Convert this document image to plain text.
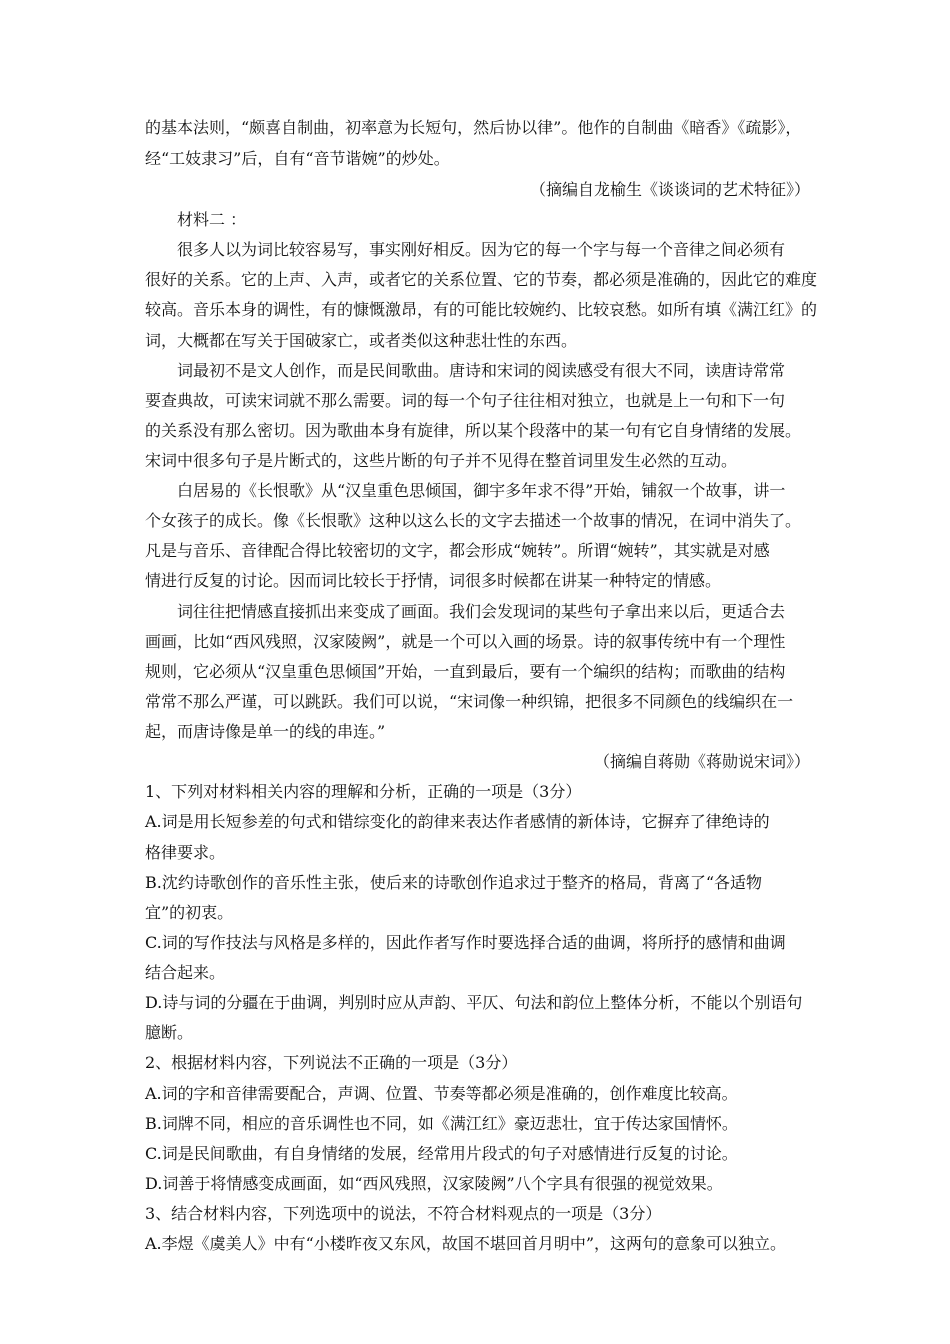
的基本法则，“颇喜自制曲，初率意为长短句，然后协以律”。他作的自制曲《暗香》《疏影》，
经“工妓隶习”后，自有“音节谐婉”的炒处。
（摘编自龙榆生《谈谈词的艺术特征》）
材料二 ：
很多人以为词比较容易写，事实刚好相反。因为它的每一个字与每一个音律之间必须有
很好的关系。它的上声、入声，或者它的关系位置、它的节奏，都必须是准确的，因此它的难度
较高。音乐本身的调性，有的慷慨激昂，有的可能比较婉约、比较哀愁。如所有填《满江红》的
词，大概都在写关于国破家亡，或者类似这种悲壮性的东西。
词最初不是文人创作，而是民间歌曲。唐诗和宋词的阅读感受有很大不同，读唐诗常常
要查典故，可读宋词就不那么需要。词的每一个句子往往相对独立，也就是上一句和下一句
的关系没有那么密切。因为歌曲本身有旋律，所以某个段落中的某一句有它自身情绪的发展。
宋词中很多句子是片断式的，这些片断的句子并不见得在整首词里发生必然的互动。
白居易的《长恨歌》从“汉皇重色思倾国，御宇多年求不得”开始，铺叙一个故事，讲一
个女孩子的成长。像《长恨歌》这种以这么长的文字去描述一个故事的情况，在词中消失了。
凡是与音乐、音律配合得比较密切的文字，都会形成“婉转”。所谓“婉转”，其实就是对感
情进行反复的讨论。因而词比较长于抒情，词很多时候都在讲某一种特定的情感。
词往往把情感直接抓出来变成了画面。我们会发现词的某些句子拿出来以后，更适合去
画画，比如“西风残照，汉家陵阙”，就是一个可以入画的场景。诗的叙事传统中有一个理性
规则，它必须从“汉皇重色思倾国”开始，一直到最后，要有一个编织的结构；而歌曲的结构
常常不那么严谨，可以跳跃。我们可以说，“宋词像一种织锦，把很多不同颜色的线编织在一
起，而唐诗像是单一的线的串连。”
（摘编自蒋勋《蒋勋说宋词》）
1、下列对材料相关内容的理解和分析，正确的一项是（3分）
A.词是用长短参差的句式和错综变化的韵律来表达作者感情的新体诗，它摒弃了律绝诗的
格律要求。
B.沈约诗歌创作的音乐性主张，使后来的诗歌创作追求过于整齐的格局，背离了“各适物
宜”的初衷。
C.词的写作技法与风格是多样的，因此作者写作时要选择合适的曲调，将所抒的感情和曲调
结合起来。
D.诗与词的分疆在于曲调，判别时应从声韵、平仄、句法和韵位上整体分析，不能以个别语句
臆断。
2、根据材料内容，下列说法不正确的一项是（3分）
A.词的字和音律需要配合，声调、位置、节奏等都必须是准确的，创作难度比较高。
B.词牌不同，相应的音乐调性也不同，如《满江红》豪迈悲壮，宜于传达家国情怀。
C.词是民间歌曲，有自身情绪的发展，经常用片段式的句子对感情进行反复的讨论。
D.词善于将情感变成画面，如“西风残照，汉家陵阙”八个字具有很强的视觉效果。
3、结合材料内容，下列选项中的说法，不符合材料观点的一项是（3分）
A.李煜《虞美人》中有“小楼昨夜又东风，故国不堪回首月明中”，这两句的意象可以独立。
